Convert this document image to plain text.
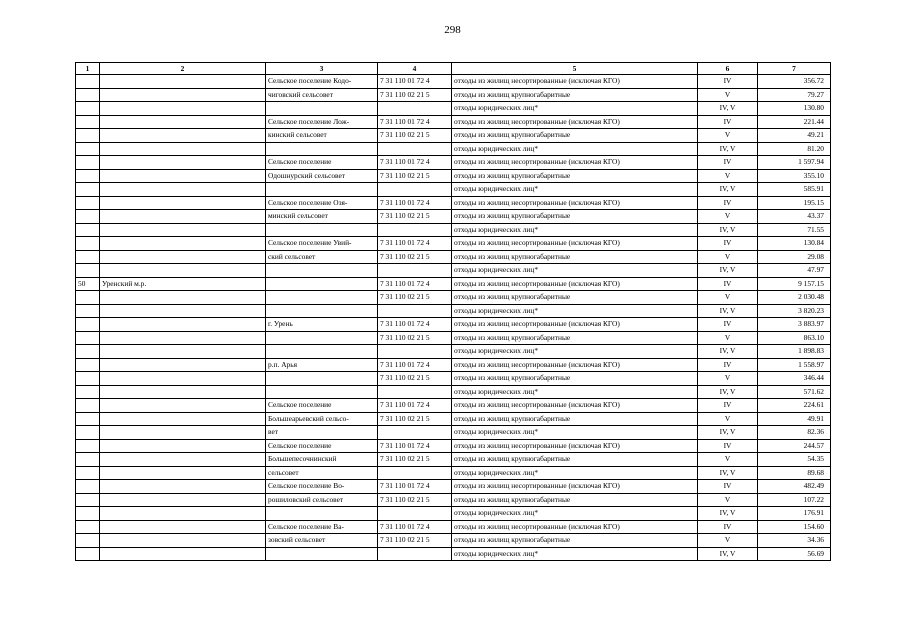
298
1	2	3	4	5	6	7
		Сельское поселение Кодо-	7 31 110 01 72 4	отходы из жилищ несортированные (исключая КГО)	IV	356.72
		чиговский сельсовет	7 31 110 02 21 5	отходы из жилищ крупногабаритные	V	79.27
				отходы юридических лиц*	IV, V	130.80
		Сельское поселение Лож-	7 31 110 01 72 4	отходы из жилищ несортированные (исключая КГО)	IV	221.44
		кинский сельсовет	7 31 110 02 21 5	отходы из жилищ крупногабаритные	V	49.21
				отходы юридических лиц*	IV, V	81.20
		Сельское поселение	7 31 110 01 72 4	отходы из жилищ несортированные (исключая КГО)	IV	1 597.94
		Одошнурский сельсовет	7 31 110 02 21 5	отходы из жилищ крупногабаритные	V	355.10
				отходы юридических лиц*	IV, V	585.91
		Сельское поселение Озя-	7 31 110 01 72 4	отходы из жилищ несортированные (исключая КГО)	IV	195.15
		минский сельсовет	7 31 110 02 21 5	отходы из жилищ крупногабаритные	V	43.37
				отходы юридических лиц*	IV, V	71.55
		Сельское поселение Увий-	7 31 110 01 72 4	отходы из жилищ несортированные (исключая КГО)	IV	130.84
		ский сельсовет	7 31 110 02 21 5	отходы из жилищ крупногабаритные	V	29.08
				отходы юридических лиц*	IV, V	47.97
50	Уренский м.р.		7 31 110 01 72 4	отходы из жилищ несортированные (исключая КГО)	IV	9 157.15
			7 31 110 02 21 5	отходы из жилищ крупногабаритные	V	2 030.48
				отходы юридических лиц*	IV, V	3 820.23
		г. Урень	7 31 110 01 72 4	отходы из жилищ несортированные (исключая КГО)	IV	3 883.97
			7 31 110 02 21 5	отходы из жилищ крупногабаритные	V	863.10
				отходы юридических лиц*	IV, V	1 898.83
		р.п. Арья	7 31 110 01 72 4	отходы из жилищ несортированные (исключая КГО)	IV	1 558.97
			7 31 110 02 21 5	отходы из жилищ крупногабаритные	V	346.44
				отходы юридических лиц*	IV, V	571.62
		Сельское поселение	7 31 110 01 72 4	отходы из жилищ несортированные (исключая КГО)	IV	224.61
		Большеарьевский сельсо-	7 31 110 02 21 5	отходы из жилищ крупногабаритные	V	49.91
		вет		отходы юридических лиц*	IV, V	82.36
		Сельское поселение	7 31 110 01 72 4	отходы из жилищ несортированные (исключая КГО)	IV	244.57
		Большепесочнинский	7 31 110 02 21 5	отходы из жилищ крупногабаритные	V	54.35
		сельсовет		отходы юридических лиц*	IV, V	89.68
		Сельское поселение Во-	7 31 110 01 72 4	отходы из жилищ несортированные (исключая КГО)	IV	482.49
		рошиловский сельсовет	7 31 110 02 21 5	отходы из жилищ крупногабаритные	V	107.22
				отходы юридических лиц*	IV, V	176.91
		Сельское поселение Ва-	7 31 110 01 72 4	отходы из жилищ несортированные (исключая КГО)	IV	154.60
		зовский сельсовет	7 31 110 02 21 5	отходы из жилищ крупногабаритные	V	34.36
				отходы юридических лиц*	IV, V	56.69
